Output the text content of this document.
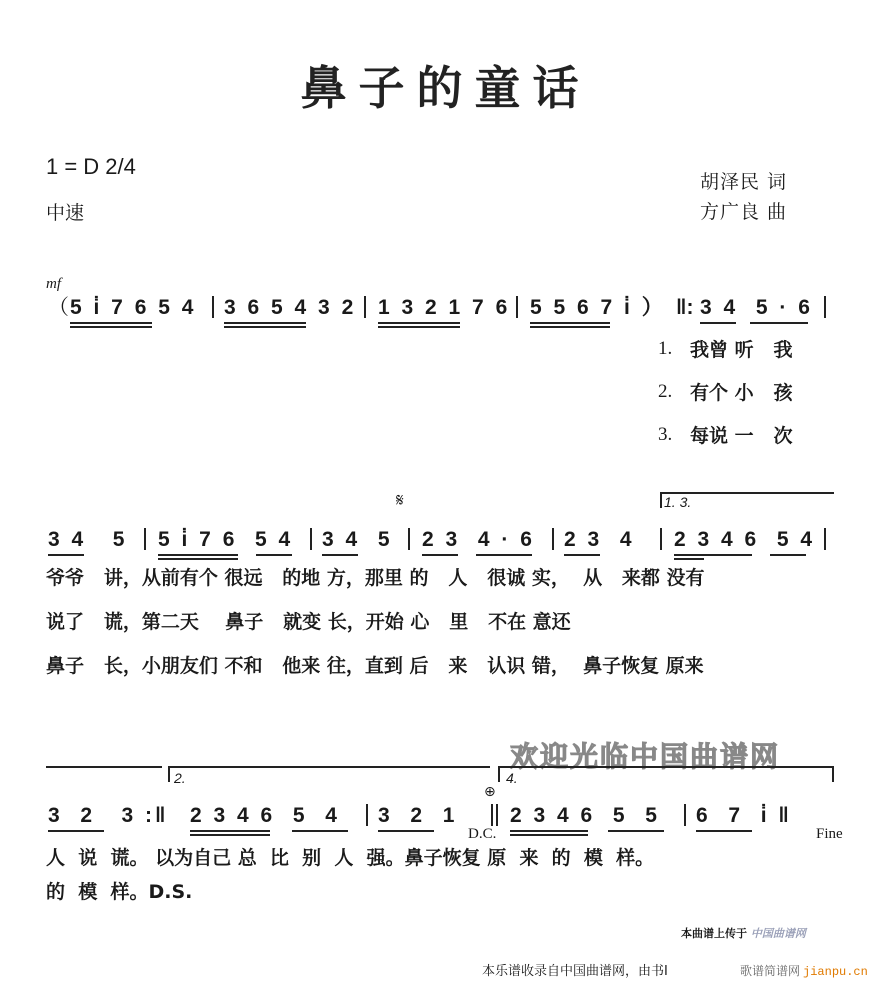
鼻子的童话
1 = D 2/4
中速
胡泽民 词
方广良 曲
mf
（ 5 i̇ 7 6 5 4 3 6 5 4 3 2 1 3 2 1 7 6 5 5 6 7 i̇ ） ‖: 3 4  5 · 6
1. 我曾 听   我
2. 有个 小   孩
3. 每说 一   次
𝄋	1. 3.
3 4   5 5 i̇ 7 6  5 4 3 4  5 2 3  4 · 6 2 3  4 2 3 4 6  5 4
爷爷   讲，从前有个 很远   的地 方，那里 的   人   很诚 实，  从   来都 没有
说了   谎，第二天    鼻子   就变 长，开始 心   里   不在 意还
鼻子   长，小朋友们 不和   他来 往，直到 后   来   认识 错，  鼻子恢复 原来
欢迎光临中国曲谱网
2.	4.
⊕
3  2   3 :‖ 2 3 4 6  5  4 3  2  1	2 3 4 6  5  5 6  7  i̇ ‖
D.C.	Fine
人  说  谎。 以为自己 总  比  别  人  强。鼻子恢复 原  来  的  模  样。
的  模  样。D.S.
本曲谱上传于 中国曲谱网
本乐谱收录自中国曲谱网，由书I	歌谱简谱网 jianpu.cn
